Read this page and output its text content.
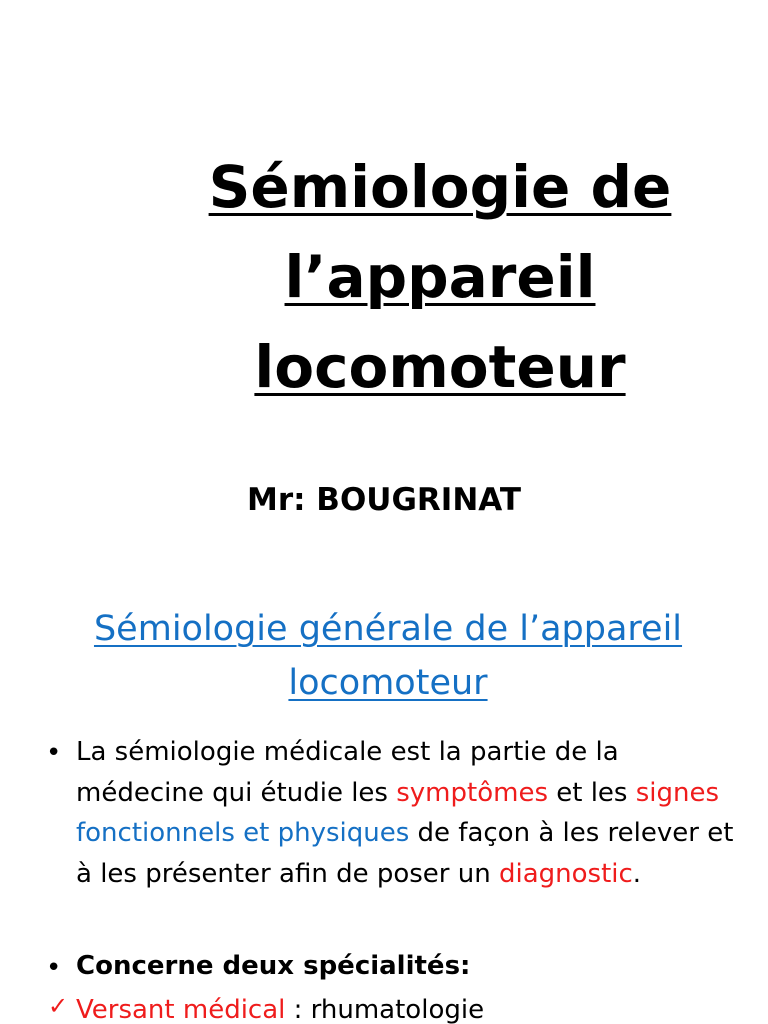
Sémiologie de
l’appareil
locomoteur
Mr: BOUGRINAT
Sémiologie générale de l’appareil
locomoteur
• La sémiologie médicale est la partie de la médecine qui étudie les symptômes et les signes fonctionnels et physiques de façon à les relever et à les présenter afin de poser un diagnostic.
• Concerne deux spécialités:
✓ Versant médical : rhumatologie
